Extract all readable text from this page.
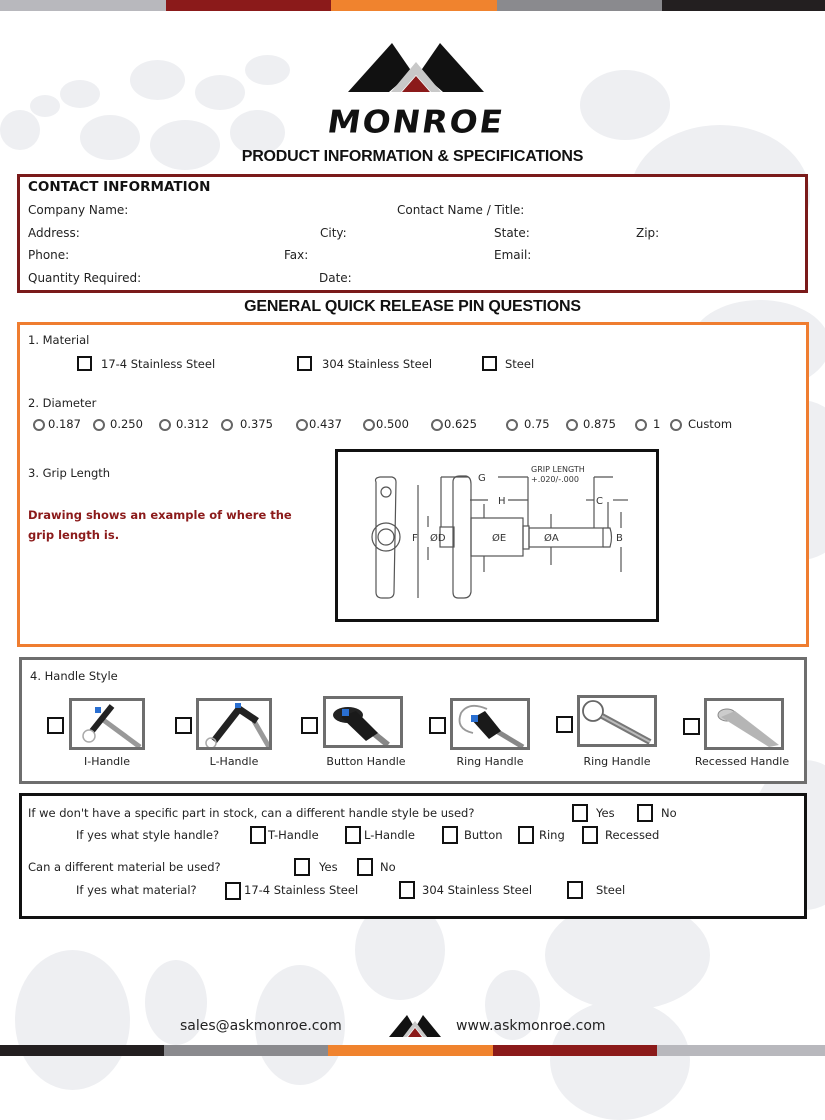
MONROE
PRODUCT INFORMATION & SPECIFICATIONS
CONTACT INFORMATION
Company Name:	Contact Name / Title:
Address:	City:	State:	Zip:
Phone:	Fax:	Email:
Quantity Required:	Date:
GENERAL QUICK RELEASE PIN QUESTIONS
1. Material
17-4 Stainless Steel	304 Stainless Steel	Steel
2. Diameter
0.187	0.250	0.312	0.375	0.437	0.500	0.625	0.75	0.875	1 Custom
3. Grip Length
Drawing shows an example of where the grip length is.
G
H
GRIP LENGTH
+.020/-.000
C
F ØD	ØE	ØA	B
4. Handle Style
I-Handle	L-Handle	Button Handle	Ring Handle	Ring Handle	Recessed Handle
If we don't have a specific part in stock, can a different handle style be used?	Yes	No
If yes what style handle?	T-Handle	L-Handle	Button	Ring	Recessed
Can a different material be used?	Yes	No
If yes what material?	17-4 Stainless Steel	304 Stainless Steel	Steel
sales@askmonroe.com	www.askmonroe.com
